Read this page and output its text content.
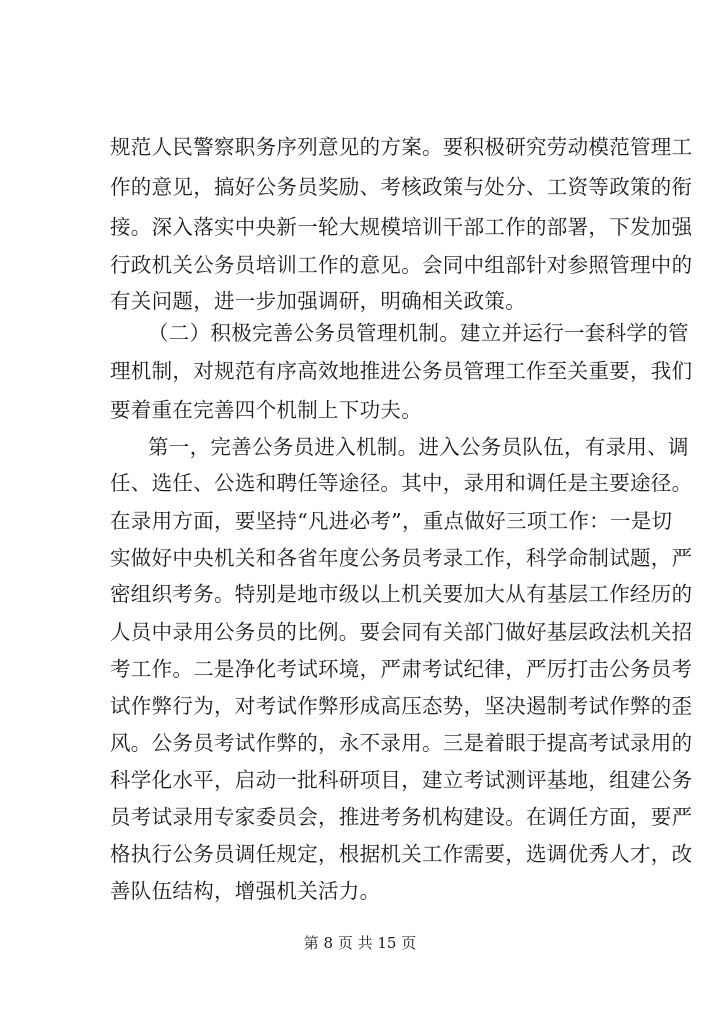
规范人民警察职务序列意见的方案。要积极研究劳动模范管理工
作的意见，搞好公务员奖励、考核政策与处分、工资等政策的衔
接。深入落实中央新一轮大规模培训干部工作的部署，下发加强
行政机关公务员培训工作的意见。会同中组部针对参照管理中的
有关问题，进一步加强调研，明确相关政策。
（二）积极完善公务员管理机制。建立并运行一套科学的管
理机制，对规范有序高效地推进公务员管理工作至关重要，我们
要着重在完善四个机制上下功夫。
第一，完善公务员进入机制。进入公务员队伍，有录用、调
任、选任、公选和聘任等途径。其中，录用和调任是主要途径。
在录用方面，要坚持“凡进必考”，重点做好三项工作：一是切
实做好中央机关和各省年度公务员考录工作，科学命制试题，严
密组织考务。特别是地市级以上机关要加大从有基层工作经历的
人员中录用公务员的比例。要会同有关部门做好基层政法机关招
考工作。二是净化考试环境，严肃考试纪律，严厉打击公务员考
试作弊行为，对考试作弊形成高压态势，坚决遏制考试作弊的歪
风。公务员考试作弊的，永不录用。三是着眼于提高考试录用的
科学化水平，启动一批科研项目，建立考试测评基地，组建公务
员考试录用专家委员会，推进考务机构建设。在调任方面，要严
格执行公务员调任规定，根据机关工作需要，选调优秀人才，改
善队伍结构，增强机关活力。
第 8 页 共 15 页
